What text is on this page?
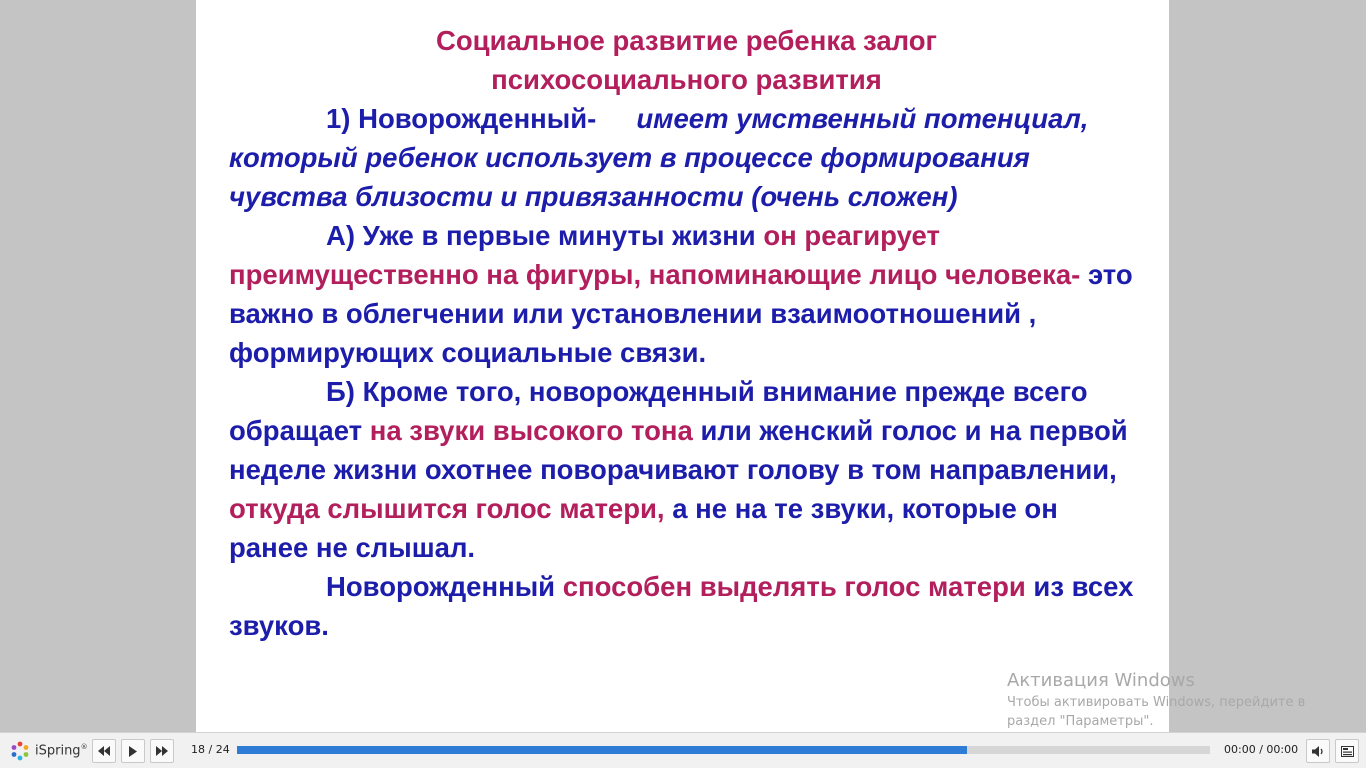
Социальное развитие ребенка залог
психосоциального развития

1) Новорожденный- имеет умственный потенциал, который ребенок использует в процессе формирования чувства близости и привязанности (очень сложен)

А) Уже в первые минуты жизни он реагирует преимущественно на фигуры, напоминающие лицо человека- это важно в облегчении или установлении взаимоотношений , формирующих социальные связи.

Б) Кроме того, новорожденный внимание прежде всего обращает на звуки высокого тона или женский голос и на первой неделе жизни охотнее поворачивают голову в том направлении, откуда слышится голос матери, а не на те звуки, которые он ранее не слышал.

Новорожденный способен выделять голос матери из всех звуков.

Активация Windows
Чтобы активировать Windows, перейдите в
раздел "Параметры".
iSpring®	18 / 24	00:00 / 00:00
